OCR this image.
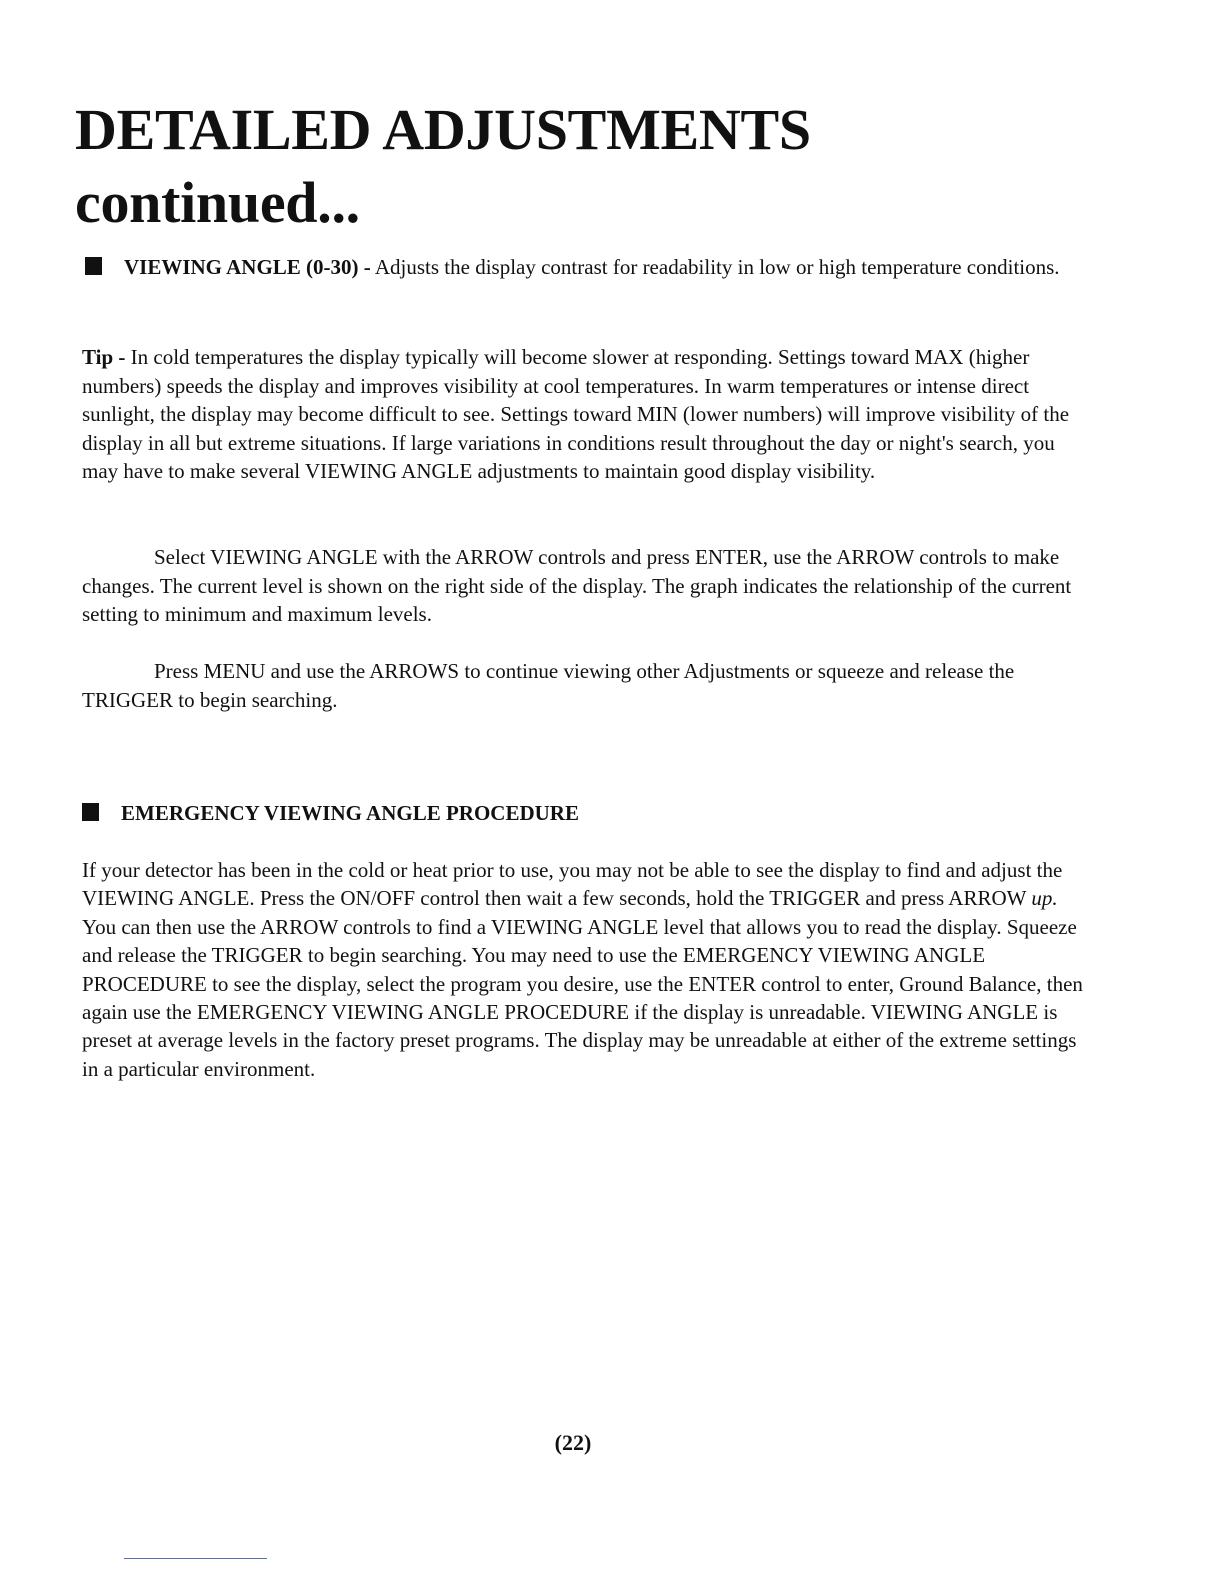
DETAILED ADJUSTMENTS
continued...

VIEWING ANGLE (0-30) - Adjusts the display contrast for readability in low or high temperature conditions.

Tip - In cold temperatures the display typically will become slower at responding. Settings toward MAX (higher numbers) speeds the display and improves visibility at cool temperatures. In warm temperatures or intense direct sunlight, the display may become difficult to see. Settings toward MIN (lower numbers) will improve visibility of the display in all but extreme situations. If large variations in conditions result throughout the day or night's search, you may have to make several VIEWING ANGLE adjustments to maintain good display visibility.

Select VIEWING ANGLE with the ARROW controls and press ENTER, use the ARROW controls to make changes. The current level is shown on the right side of the display. The graph indicates the relationship of the current setting to minimum and maximum levels.

Press MENU and use the ARROWS to continue viewing other Adjustments or squeeze and release the TRIGGER to begin searching.

EMERGENCY VIEWING ANGLE PROCEDURE

If your detector has been in the cold or heat prior to use, you may not be able to see the display to find and adjust the VIEWING ANGLE. Press the ON/OFF control then wait a few seconds, hold the TRIGGER and press ARROW up. You can then use the ARROW controls to find a VIEWING ANGLE level that allows you to read the display. Squeeze and release the TRIGGER to begin searching. You may need to use the EMERGENCY VIEWING ANGLE PROCEDURE to see the display, select the program you desire, use the ENTER control to enter, Ground Balance, then again use the EMERGENCY VIEWING ANGLE PROCEDURE if the display is unreadable. VIEWING ANGLE is preset at average levels in the factory preset programs. The display may be unreadable at either of the extreme settings in a particular environment.

(22)
